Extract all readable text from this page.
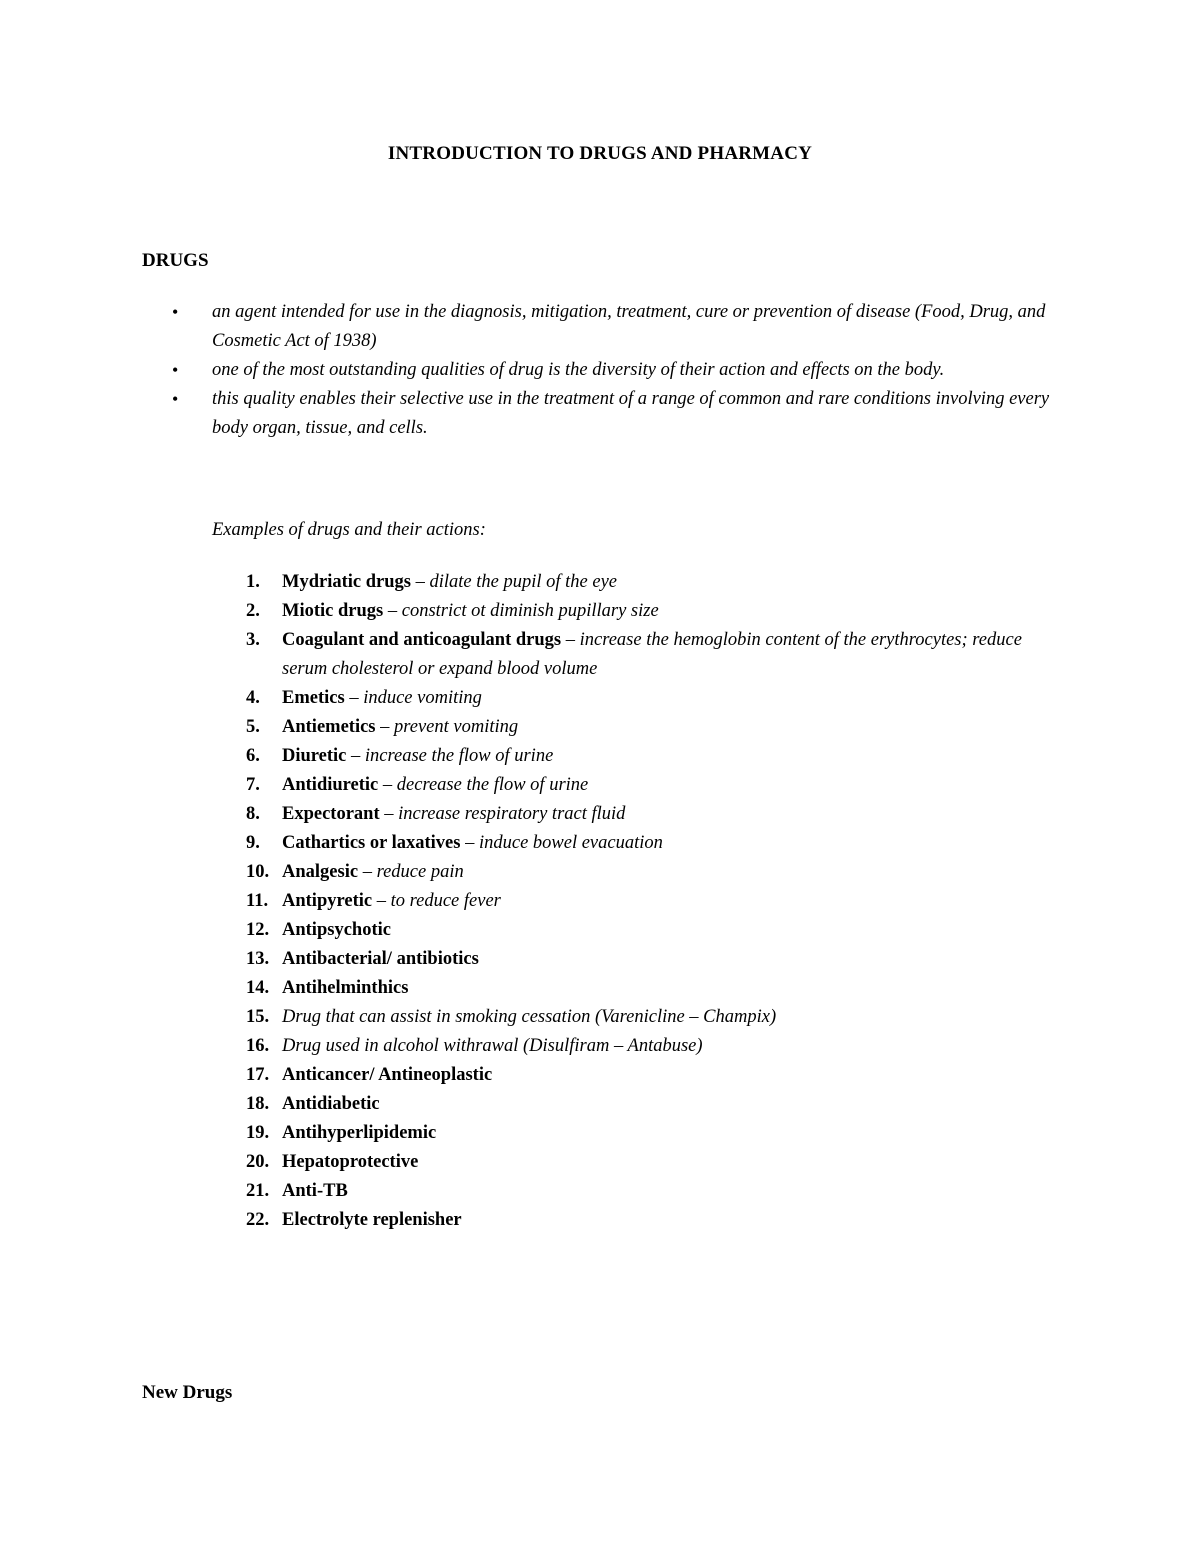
INTRODUCTION TO DRUGS AND PHARMACY
DRUGS
• an agent intended for use in the diagnosis, mitigation, treatment, cure or prevention of disease (Food, Drug, and Cosmetic Act of 1938)
• one of the most outstanding qualities of drug is the diversity of their action and effects on the body.
• this quality enables their selective use in the treatment of a range of common and rare conditions involving every body organ, tissue, and cells.
Examples of drugs and their actions:
1. Mydriatic drugs – dilate the pupil of the eye
2. Miotic drugs – constrict ot diminish pupillary size
3. Coagulant and anticoagulant drugs – increase the hemoglobin content of the erythrocytes; reduce serum cholesterol or expand blood volume
4. Emetics – induce vomiting
5. Antiemetics – prevent vomiting
6. Diuretic – increase the flow of urine
7. Antidiuretic – decrease the flow of urine
8. Expectorant – increase respiratory tract fluid
9. Cathartics or laxatives – induce bowel evacuation
10. Analgesic – reduce pain
11. Antipyretic – to reduce fever
12. Antipsychotic
13. Antibacterial/ antibiotics
14. Antihelminthics
15. Drug that can assist in smoking cessation (Varenicline – Champix)
16. Drug used in alcohol withrawal (Disulfiram – Antabuse)
17. Anticancer/ Antineoplastic
18. Antidiabetic
19. Antihyperlipidemic
20. Hepatoprotective
21. Anti-TB
22. Electrolyte replenisher
New Drugs
